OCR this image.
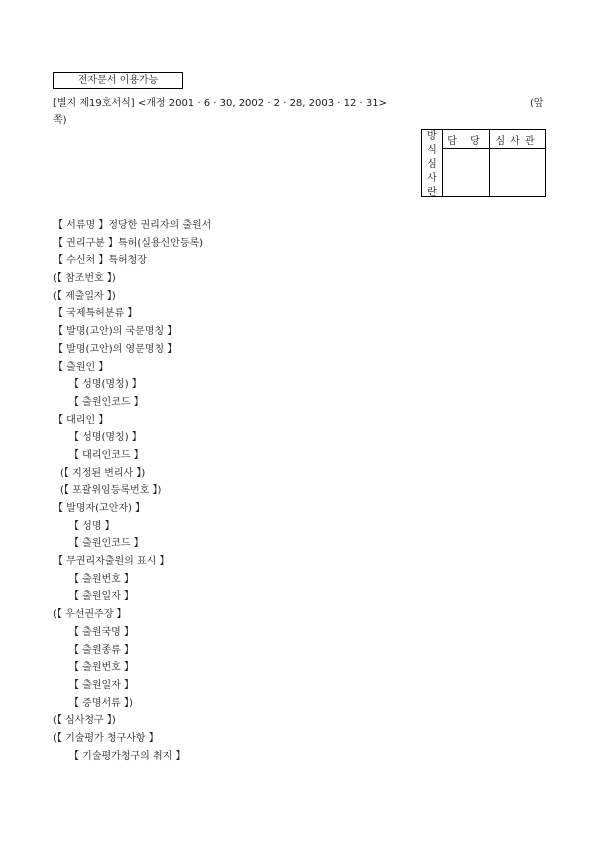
전자문서 이용가능
[별지 제19호서식] <개정 2001 · 6 · 30, 2002 · 2 · 28, 2003 · 12 · 31>	(앞
쪽)
방
식
심
사
란	담 당	심사관

【 서류명 】정당한 권리자의 출원서
【 권리구분 】특허(실용신안등록)
【 수신처 】특허청장
(【 참조번호 】)
(【 제출일자 】)
【 국제특허분류 】
【 발명(고안)의 국문명칭 】
【 발명(고안)의 영문명칭 】
【 출원인 】
【 성명(명칭) 】
【 출원인코드 】
【 대리인 】
【 성명(명칭) 】
【 대리인코드 】
(【 지정된 변리사 】)
(【 포괄위임등록번호 】)
【 발명자(고안자) 】
【 성명 】
【 출원인코드 】
【 무권리자출원의 표시 】
【 출원번호 】
【 출원일자 】
(【 우선권주장 】
【 출원국명 】
【 출원종류 】
【 출원번호 】
【 출원일자 】
【 증명서류 】)
(【 심사청구 】)
(【 기술평가 청구사항 】
【 기술평가청구의 취지 】
